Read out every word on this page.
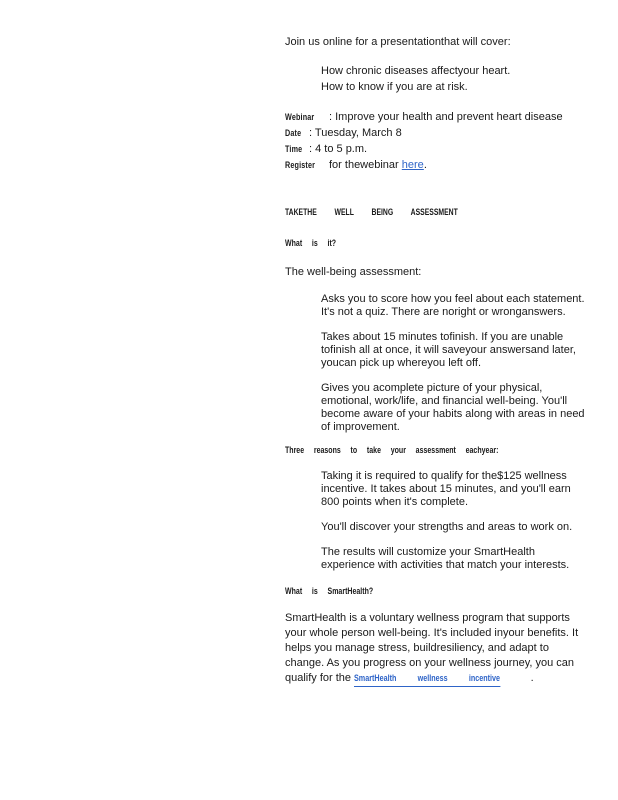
Join us online for a presentationthat will cover:

How chronic diseases affectyour heart.

How to know if you are at risk.

Webinar	: Improve your health and prevent heart disease
Date : Tuesday, March 8
Time : 4 to 5 p.m.
Register	for thewebinar
here .

TAKETHE WELL BEING ASSESSMENT

What is it?

The well-being assessment:

Asks you to score how you feel about each statement. It's not a quiz. There are noright or wronganswers.

Takes about 15 minutes tofinish. If you are unable tofinish all at once, it will saveyour answersand later, youcan pick up whereyou left off.

Gives you acomplete picture of your physical, emotional, work/life, and financial well-being. You'll become aware of your habits along with areas in need of improvement.

Three reasons to take your assessment eachyear:

Taking it is required to qualify for the$125 wellness incentive. It takes about 15 minutes, and you'll earn 800 points when it's complete.

You'll discover your strengths and areas to work on.

The results will customize your SmartHealth experience with activities that match your interests.

What is SmartHealth?

SmartHealth is a voluntary wellness program that supports your whole person well-being. It's included inyour benefits. It helps you manage stress, buildresiliency, and adapt to change. As you progress on your wellness journey, you can qualify for the SmartHealth wellness incentive	.
